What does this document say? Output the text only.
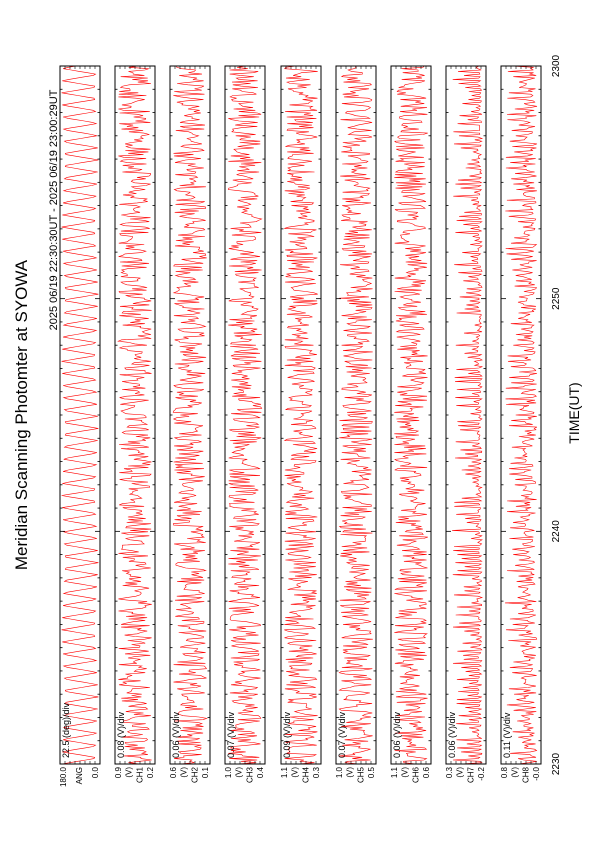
Meridian Scanning Photomter at SYOWA
2025 06/19 22:30:30UT - 2025 06/19 23:00:29UT
TIME(UT)
2230
2240
2250
2300
22.5 (deg)/div
180.0 ANG 0.0
0.08 (V)/div
0.9 (V) CH1 0.2
0.06 (V)/div
0.6 (V) CH2 0.1
0.07 (V)/div
1.0 (V) CH3 0.4
0.09 (V)/div
1.1 (V) CH4 0.3
0.07 (V)/div
1.0 (V) CH5 0.5
0.06 (V)/div
1.1 (V) CH6 0.6
0.06 (V)/div
0.3 (V) CH7 -0.2
0.11 (V)/div
0.8 (V) CH8 -0.0
